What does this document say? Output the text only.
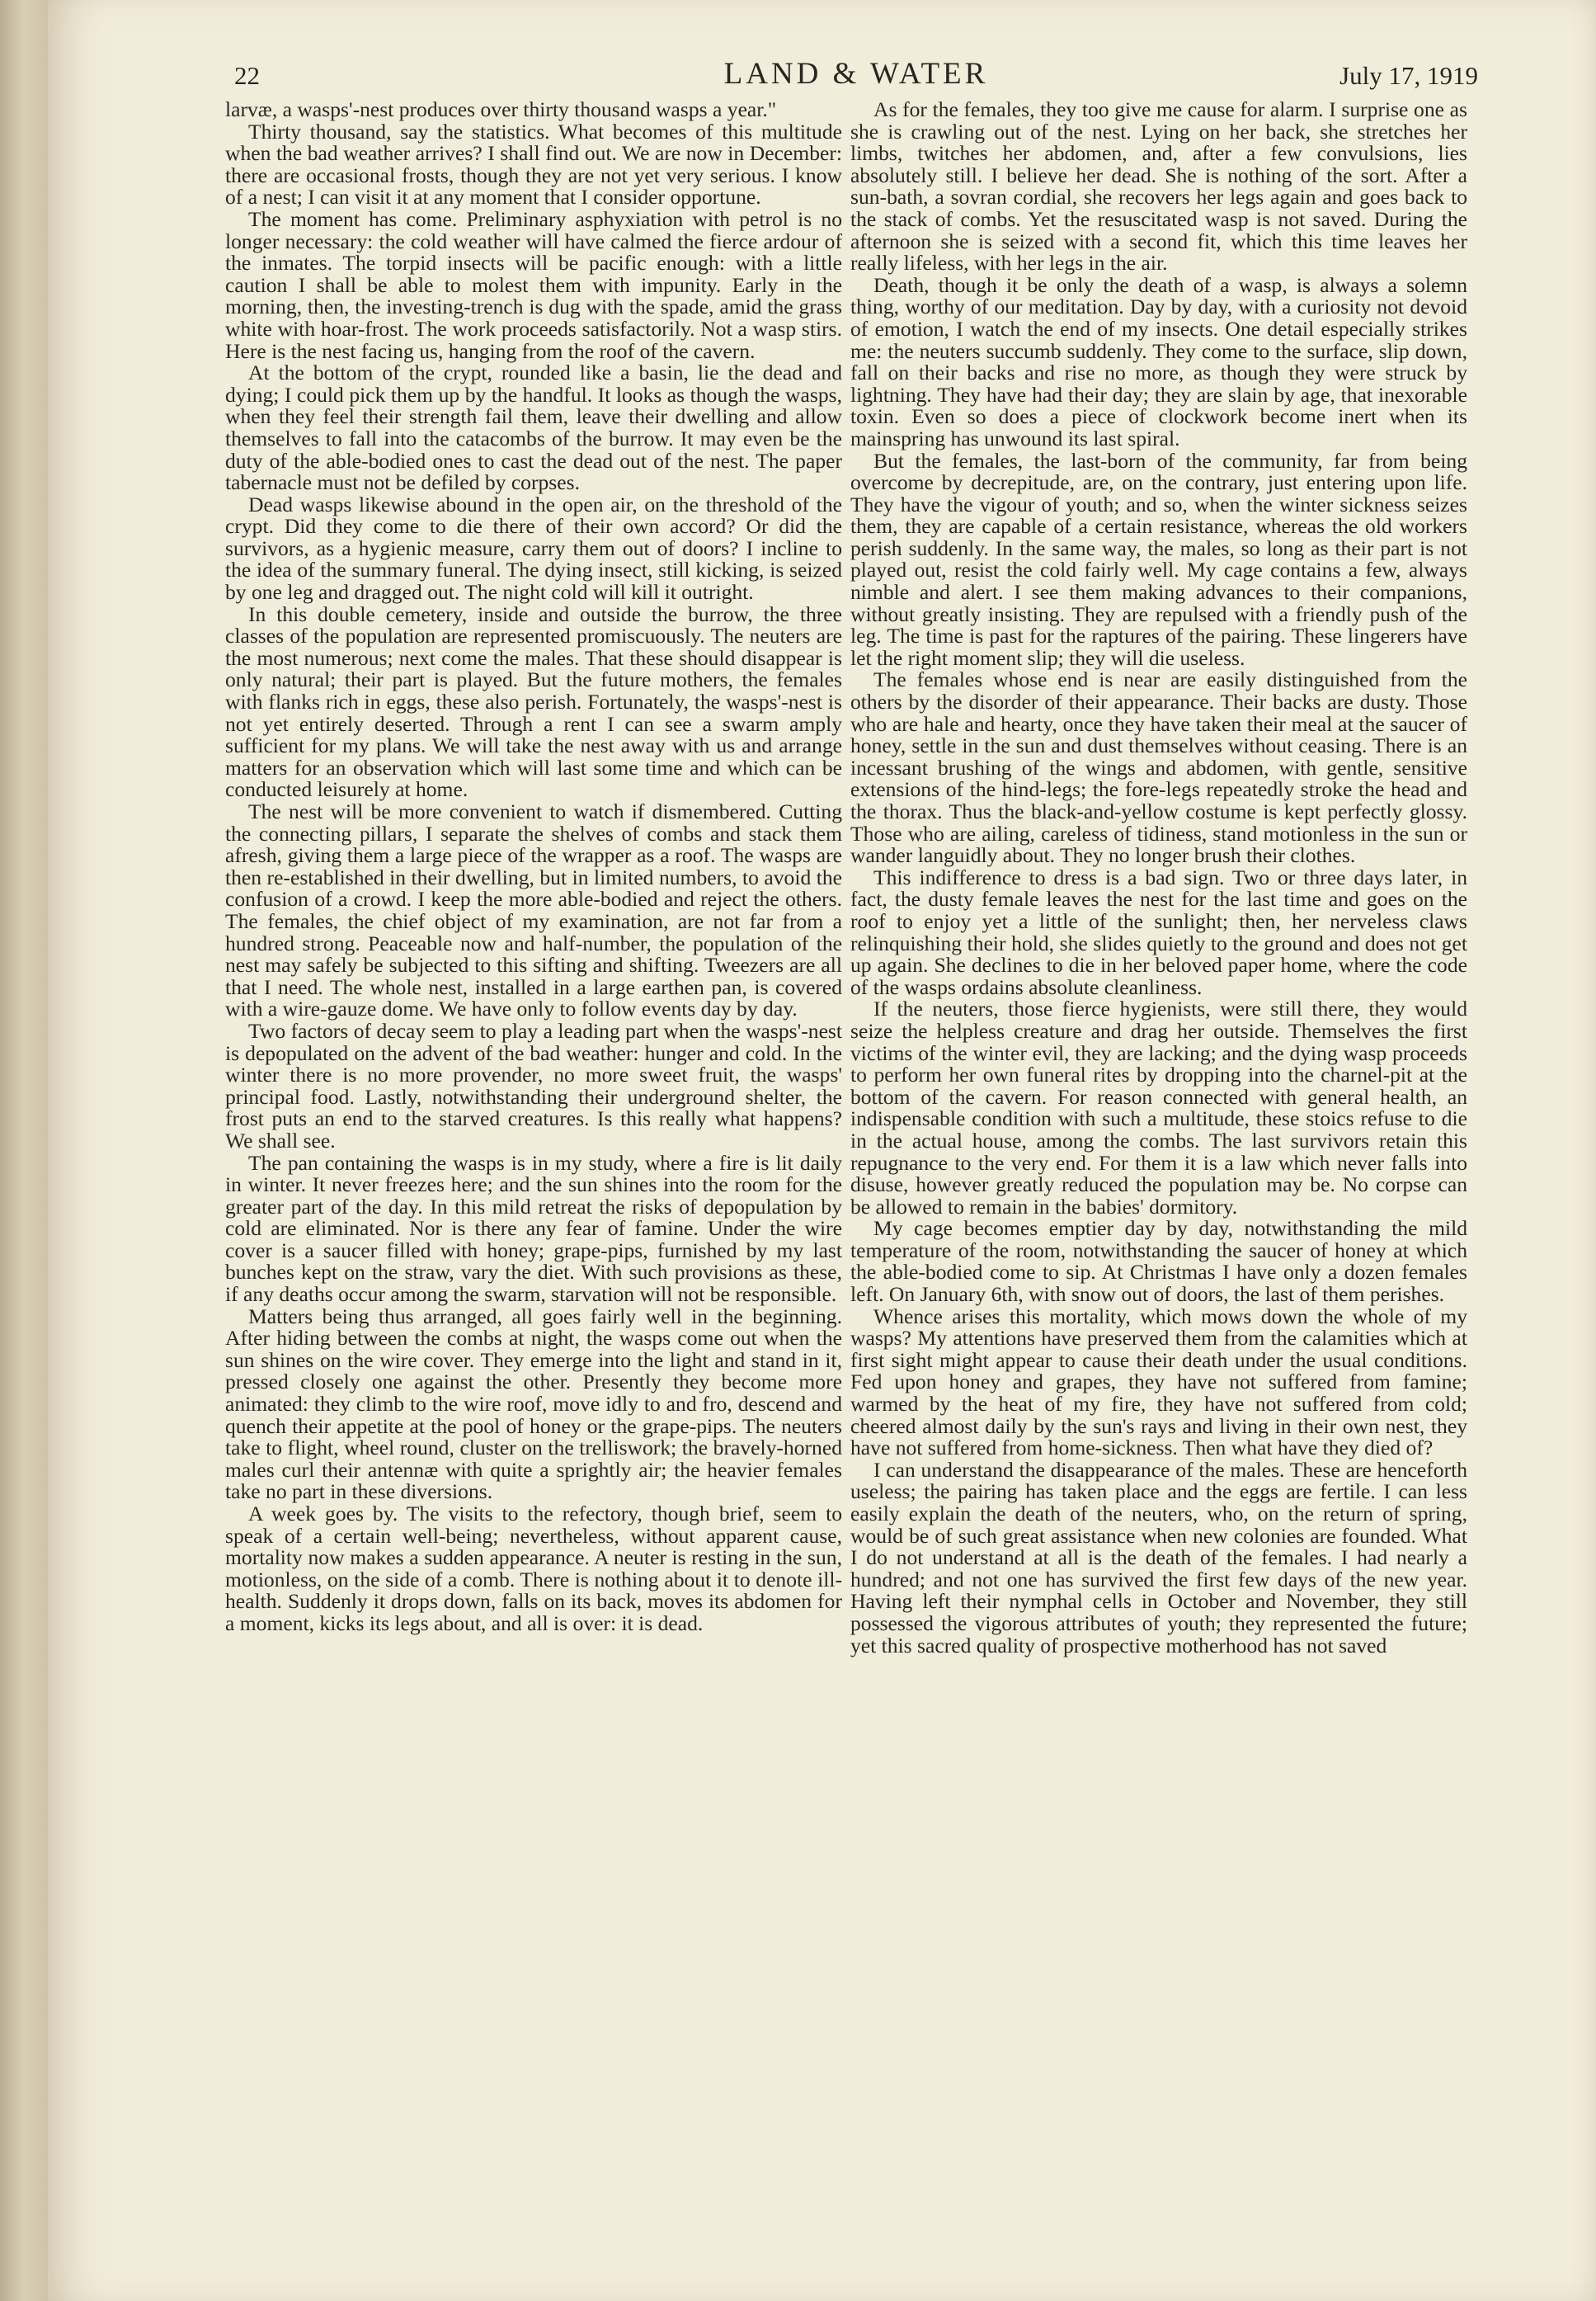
22	LAND & WATER	July 17, 1919

larvæ, a wasps'-nest produces over thirty thousand wasps a year."

Thirty thousand, say the statistics. What becomes of this multitude when the bad weather arrives? I shall find out. We are now in December: there are occasional frosts, though they are not yet very serious. I know of a nest; I can visit it at any moment that I consider opportune.

The moment has come. Preliminary asphyxiation with petrol is no longer necessary: the cold weather will have calmed the fierce ardour of the inmates. The torpid insects will be pacific enough: with a little caution I shall be able to molest them with impunity. Early in the morning, then, the investing-trench is dug with the spade, amid the grass white with hoar-frost. The work proceeds satisfactorily. Not a wasp stirs. Here is the nest facing us, hanging from the roof of the cavern.

At the bottom of the crypt, rounded like a basin, lie the dead and dying; I could pick them up by the handful. It looks as though the wasps, when they feel their strength fail them, leave their dwelling and allow themselves to fall into the catacombs of the burrow. It may even be the duty of the able-bodied ones to cast the dead out of the nest. The paper tabernacle must not be defiled by corpses.

Dead wasps likewise abound in the open air, on the threshold of the crypt. Did they come to die there of their own accord? Or did the survivors, as a hygienic measure, carry them out of doors? I incline to the idea of the summary funeral. The dying insect, still kicking, is seized by one leg and dragged out. The night cold will kill it outright.

In this double cemetery, inside and outside the burrow, the three classes of the population are represented promiscuously. The neuters are the most numerous; next come the males. That these should disappear is only natural; their part is played. But the future mothers, the females with flanks rich in eggs, these also perish. Fortunately, the wasps'-nest is not yet entirely deserted. Through a rent I can see a swarm amply sufficient for my plans. We will take the nest away with us and arrange matters for an observation which will last some time and which can be conducted leisurely at home.

The nest will be more convenient to watch if dismembered. Cutting the connecting pillars, I separate the shelves of combs and stack them afresh, giving them a large piece of the wrapper as a roof. The wasps are then re-established in their dwelling, but in limited numbers, to avoid the confusion of a crowd. I keep the more able-bodied and reject the others. The females, the chief object of my examination, are not far from a hundred strong. Peaceable now and half-number, the population of the nest may safely be subjected to this sifting and shifting. Tweezers are all that I need. The whole nest, installed in a large earthen pan, is covered with a wire-gauze dome. We have only to follow events day by day.

Two factors of decay seem to play a leading part when the wasps'-nest is depopulated on the advent of the bad weather: hunger and cold. In the winter there is no more provender, no more sweet fruit, the wasps' principal food. Lastly, notwithstanding their underground shelter, the frost puts an end to the starved creatures. Is this really what happens? We shall see.

The pan containing the wasps is in my study, where a fire is lit daily in winter. It never freezes here; and the sun shines into the room for the greater part of the day. In this mild retreat the risks of depopulation by cold are eliminated. Nor is there any fear of famine. Under the wire cover is a saucer filled with honey; grape-pips, furnished by my last bunches kept on the straw, vary the diet. With such provisions as these, if any deaths occur among the swarm, starvation will not be responsible.

Matters being thus arranged, all goes fairly well in the beginning. After hiding between the combs at night, the wasps come out when the sun shines on the wire cover. They emerge into the light and stand in it, pressed closely one against the other. Presently they become more animated: they climb to the wire roof, move idly to and fro, descend and quench their appetite at the pool of honey or the grape-pips. The neuters take to flight, wheel round, cluster on the trelliswork; the bravely-horned males curl their antennæ with quite a sprightly air; the heavier females take no part in these diversions.

A week goes by. The visits to the refectory, though brief, seem to speak of a certain well-being; nevertheless, without apparent cause, mortality now makes a sudden appearance. A neuter is resting in the sun, motionless, on the side of a comb. There is nothing about it to denote ill-health. Suddenly it drops down, falls on its back, moves its abdomen for a moment, kicks its legs about, and all is over: it is dead.

As for the females, they too give me cause for alarm. I surprise one as she is crawling out of the nest. Lying on her back, she stretches her limbs, twitches her abdomen, and, after a few convulsions, lies absolutely still. I believe her dead. She is nothing of the sort. After a sun-bath, a sovran cordial, she recovers her legs again and goes back to the stack of combs. Yet the resuscitated wasp is not saved. During the afternoon she is seized with a second fit, which this time leaves her really lifeless, with her legs in the air.

Death, though it be only the death of a wasp, is always a solemn thing, worthy of our meditation. Day by day, with a curiosity not devoid of emotion, I watch the end of my insects. One detail especially strikes me: the neuters succumb suddenly. They come to the surface, slip down, fall on their backs and rise no more, as though they were struck by lightning. They have had their day; they are slain by age, that inexorable toxin. Even so does a piece of clockwork become inert when its mainspring has unwound its last spiral.

But the females, the last-born of the community, far from being overcome by decrepitude, are, on the contrary, just entering upon life. They have the vigour of youth; and so, when the winter sickness seizes them, they are capable of a certain resistance, whereas the old workers perish suddenly. In the same way, the males, so long as their part is not played out, resist the cold fairly well. My cage contains a few, always nimble and alert. I see them making advances to their companions, without greatly insisting. They are repulsed with a friendly push of the leg. The time is past for the raptures of the pairing. These lingerers have let the right moment slip; they will die useless.

The females whose end is near are easily distinguished from the others by the disorder of their appearance. Their backs are dusty. Those who are hale and hearty, once they have taken their meal at the saucer of honey, settle in the sun and dust themselves without ceasing. There is an incessant brushing of the wings and abdomen, with gentle, sensitive extensions of the hind-legs; the fore-legs repeatedly stroke the head and the thorax. Thus the black-and-yellow costume is kept perfectly glossy. Those who are ailing, careless of tidiness, stand motionless in the sun or wander languidly about. They no longer brush their clothes.

This indifference to dress is a bad sign. Two or three days later, in fact, the dusty female leaves the nest for the last time and goes on the roof to enjoy yet a little of the sunlight; then, her nerveless claws relinquishing their hold, she slides quietly to the ground and does not get up again. She declines to die in her beloved paper home, where the code of the wasps ordains absolute cleanliness.

If the neuters, those fierce hygienists, were still there, they would seize the helpless creature and drag her outside. Themselves the first victims of the winter evil, they are lacking; and the dying wasp proceeds to perform her own funeral rites by dropping into the charnel-pit at the bottom of the cavern. For reason connected with general health, an indispensable condition with such a multitude, these stoics refuse to die in the actual house, among the combs. The last survivors retain this repugnance to the very end. For them it is a law which never falls into disuse, however greatly reduced the population may be. No corpse can be allowed to remain in the babies' dormitory.

My cage becomes emptier day by day, notwithstanding the mild temperature of the room, notwithstanding the saucer of honey at which the able-bodied come to sip. At Christmas I have only a dozen females left. On January 6th, with snow out of doors, the last of them perishes.

Whence arises this mortality, which mows down the whole of my wasps? My attentions have preserved them from the calamities which at first sight might appear to cause their death under the usual conditions. Fed upon honey and grapes, they have not suffered from famine; warmed by the heat of my fire, they have not suffered from cold; cheered almost daily by the sun's rays and living in their own nest, they have not suffered from home-sickness. Then what have they died of?

I can understand the disappearance of the males. These are henceforth useless; the pairing has taken place and the eggs are fertile. I can less easily explain the death of the neuters, who, on the return of spring, would be of such great assistance when new colonies are founded. What I do not understand at all is the death of the females. I had nearly a hundred; and not one has survived the first few days of the new year. Having left their nymphal cells in October and November, they still possessed the vigorous attributes of youth; they represented the future; yet this sacred quality of prospective motherhood has not saved
